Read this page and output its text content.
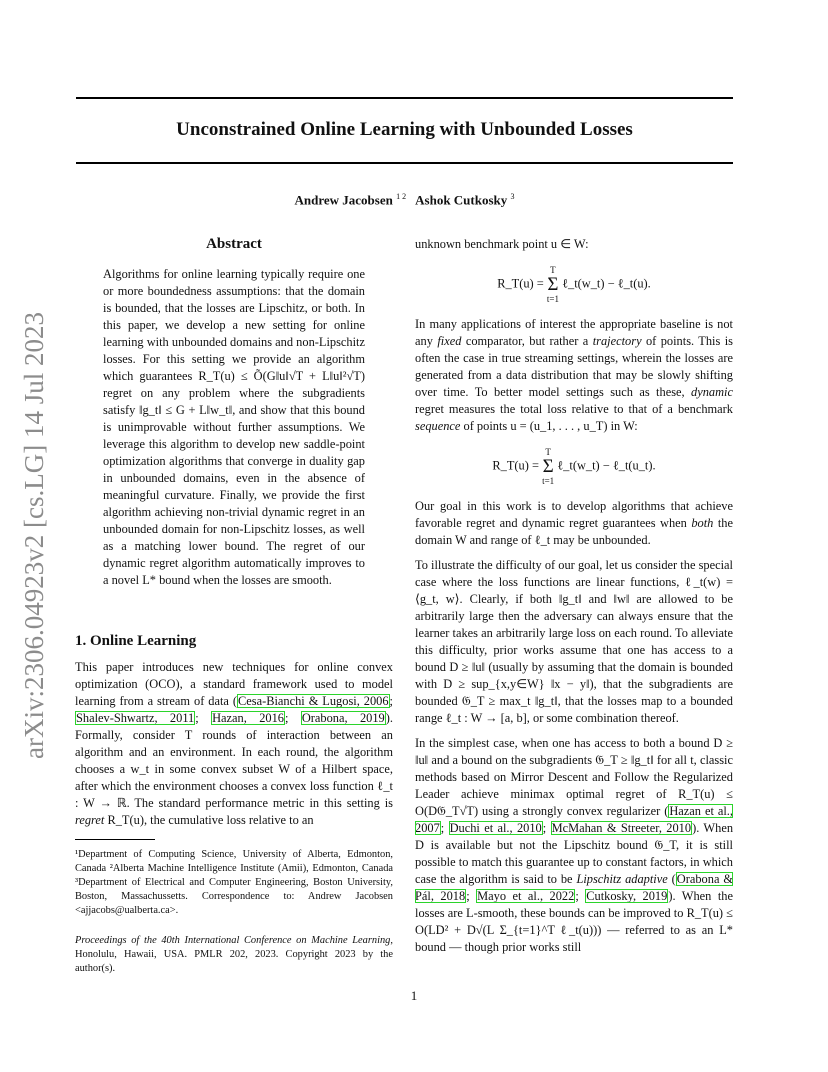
arXiv:2306.04923v2 [cs.LG] 14 Jul 2023
Unconstrained Online Learning with Unbounded Losses
Andrew Jacobsen $^{1 2}$ Ashok Cutkosky $^3$
Abstract

Algorithms for online learning typically require one or more boundedness assumptions: that the domain is bounded, that the losses are Lipschitz, or both. In this paper, we develop a new setting for online learning with unbounded domains and non-Lipschitz losses. For this setting we provide an algorithm which guarantees R_T(u) ≤ Õ(G‖u‖√T + L‖u‖²√T) regret on any problem where the subgradients satisfy ‖g_t‖ ≤ G + L‖w_t‖, and show that this bound is unimprovable without further assumptions. We leverage this algorithm to develop new saddle-point optimization algorithms that converge in duality gap in unbounded domains, even in the absence of meaningful curvature. Finally, we provide the first algorithm achieving non-trivial dynamic regret in an unbounded domain for non-Lipschitz losses, as well as a matching lower bound. The regret of our dynamic regret algorithm automatically improves to a novel L* bound when the losses are smooth.

1. Online Learning

This paper introduces new techniques for online convex optimization (OCO), a standard framework used to model learning from a stream of data (Cesa-Bianchi & Lugosi, 2006; Shalev-Shwartz, 2011; Hazan, 2016; Orabona, 2019). Formally, consider T rounds of interaction between an algorithm and an environment. In each round, the algorithm chooses a w_t in some convex subset W of a Hilbert space, after which the environment chooses a convex loss function ℓ_t : W → ℝ. The standard performance metric in this setting is regret R_T(u), the cumulative loss relative to an

¹Department of Computing Science, University of Alberta, Edmonton, Canada ²Alberta Machine Intelligence Institute (Amii), Edmonton, Canada ³Department of Electrical and Computer Engineering, Boston University, Boston, Massachussetts. Correspondence to: Andrew Jacobsen <ajjacobs@ualberta.ca>.
Proceedings of the 40th International Conference on Machine Learning, Honolulu, Hawaii, USA. PMLR 202, 2023. Copyright 2023 by the author(s).

unknown benchmark point u ∈ W:

R_T(u) = T
Σ
t=1 ℓ_t(w_t) − ℓ_t(u).

In many applications of interest the appropriate baseline is not any fixed comparator, but rather a trajectory of points. This is often the case in true streaming settings, wherein the losses are generated from a data distribution that may be slowly shifting over time. To better model settings such as these, dynamic regret measures the total loss relative to that of a benchmark sequence of points u = (u_1, . . . , u_T) in W:

R_T(u) = T
Σ
t=1 ℓ_t(w_t) − ℓ_t(u_t).

Our goal in this work is to develop algorithms that achieve favorable regret and dynamic regret guarantees when both the domain W and range of ℓ_t may be unbounded.

To illustrate the difficulty of our goal, let us consider the special case where the loss functions are linear functions, ℓ_t(w) = ⟨g_t, w⟩. Clearly, if both ‖g_t‖ and ‖w‖ are allowed to be arbitrarily large then the adversary can always ensure that the learner takes an arbitrarily large loss on each round. To alleviate this difficulty, prior works assume that one has access to a bound D ≥ ‖u‖ (usually by assuming that the domain is bounded with D ≥ sup_{x,y∈W} ‖x − y‖), that the subgradients are bounded 𝔊_T ≥ max_t ‖g_t‖, that the losses map to a bounded range ℓ_t : W → [a, b], or some combination thereof.

In the simplest case, when one has access to both a bound D ≥ ‖u‖ and a bound on the subgradients 𝔊_T ≥ ‖g_t‖ for all t, classic methods based on Mirror Descent and Follow the Regularized Leader achieve minimax optimal regret of R_T(u) ≤ O(D𝔊_T√T) using a strongly convex regularizer (Hazan et al., 2007; Duchi et al., 2010; McMahan & Streeter, 2010). When D is available but not the Lipschitz bound 𝔊_T, it is still possible to match this guarantee up to constant factors, in which case the algorithm is said to be Lipschitz adaptive (Orabona & Pál, 2018; Mayo et al., 2022; Cutkosky, 2019). When the losses are L-smooth, these bounds can be improved to R_T(u) ≤ O(LD² + D√(L Σ_{t=1}^T ℓ_t(u))) — referred to as an L* bound — though prior works still

1
